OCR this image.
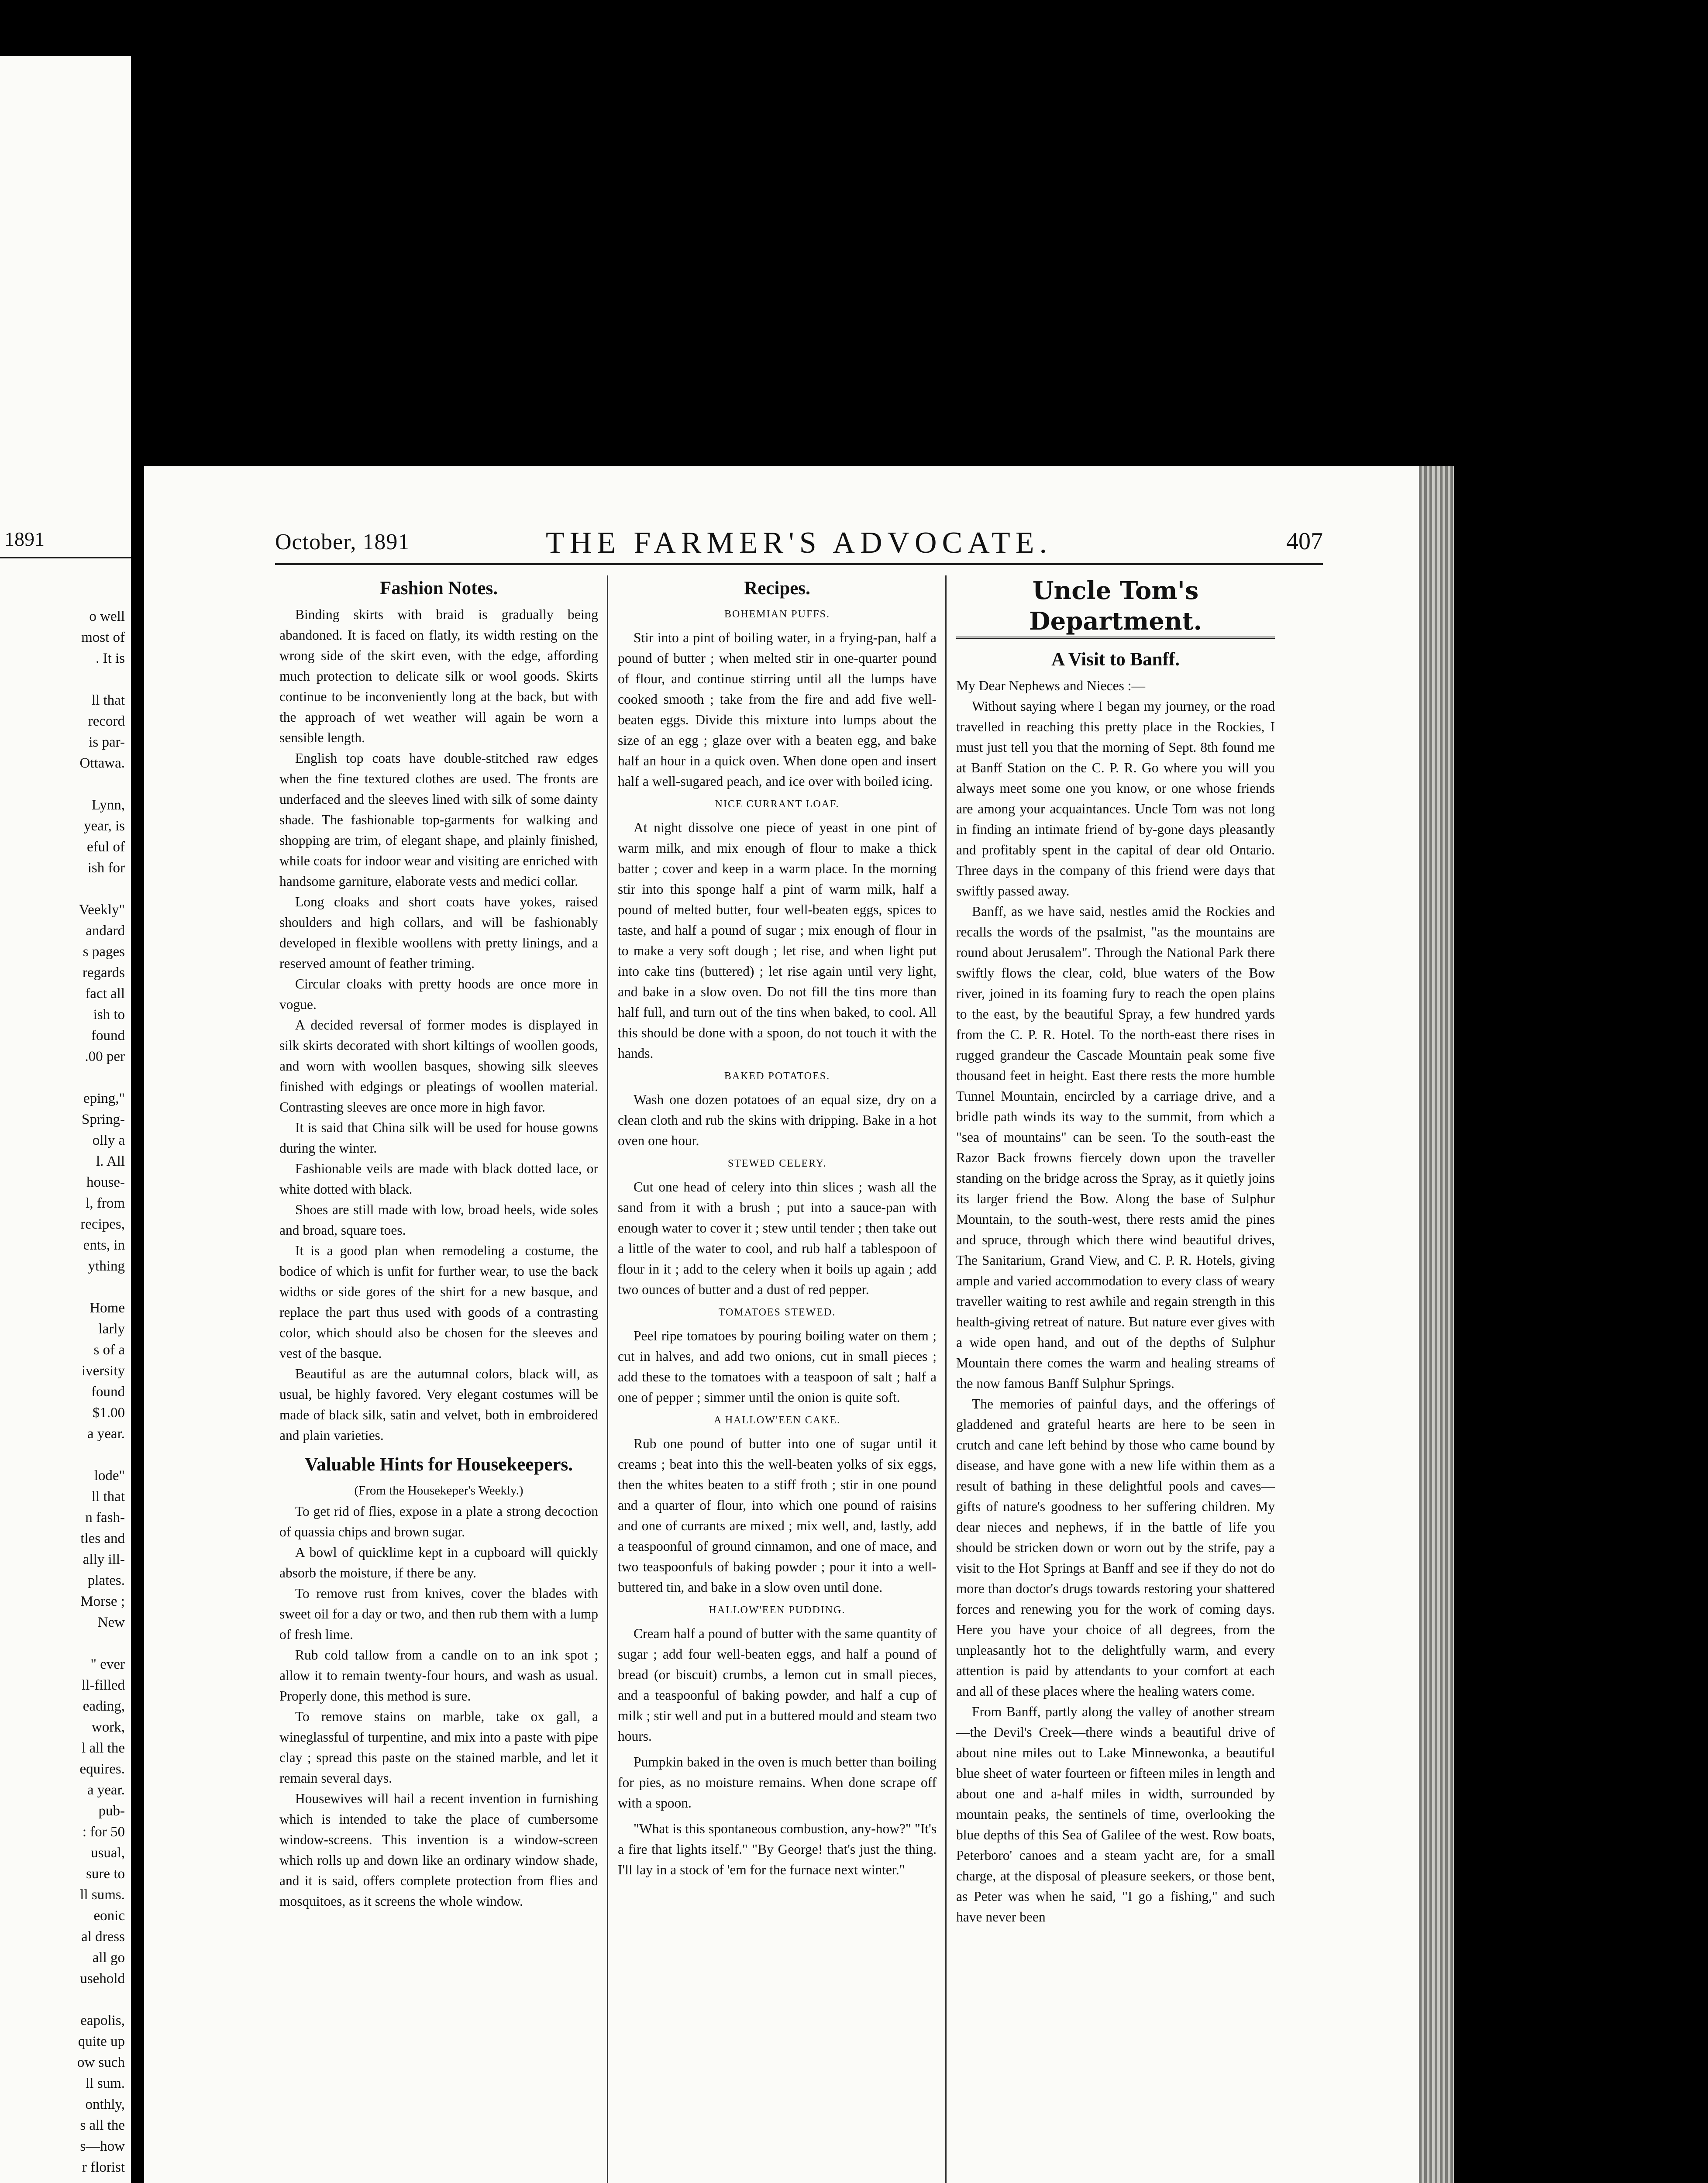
1891
o well
most of
. It is
ll that
record
is par-
Ottawa.
Lynn,
year, is
eful of
ish for
Veekly"
andard
s pages
regards
fact all
ish to
found
.00 per
eping,"
Spring-
olly a
l. All
house-
l, from
recipes,
ents, in
ything
Home
larly
s of a
iversity
found
$1.00
a year.
lode"
ll that
n fash-
tles and
ally ill-
plates.
Morse ;
New
" ever
ll-filled
eading,
work,
l all the
equires.
a year.
pub-
: for 50
usual,
sure to
ll sums.
eonic
al dress
all go
usehold
eapolis,
quite up
ow such
ll sum.
onthly,
s all the
s—how
r florist
October, 1891	THE FARMER'S ADVOCATE.	407
Fashion Notes.

Binding skirts with braid is gradually being abandoned. It is faced on flatly, its width resting on the wrong side of the skirt even, with the edge, affording much protection to delicate silk or wool goods. Skirts continue to be inconveniently long at the back, but with the approach of wet weather will again be worn a sensible length.

English top coats have double-stitched raw edges when the fine textured clothes are used. The fronts are underfaced and the sleeves lined with silk of some dainty shade. The fashionable top-garments for walking and shopping are trim, of elegant shape, and plainly finished, while coats for indoor wear and visiting are enriched with handsome garniture, elaborate vests and medici collar.

Long cloaks and short coats have yokes, raised shoulders and high collars, and will be fashionably developed in flexible woollens with pretty linings, and a reserved amount of feather triming.

Circular cloaks with pretty hoods are once more in vogue.

A decided reversal of former modes is displayed in silk skirts decorated with short kiltings of woollen goods, and worn with woollen basques, showing silk sleeves finished with edgings or pleatings of woollen material. Contrasting sleeves are once more in high favor.

It is said that China silk will be used for house gowns during the winter.

Fashionable veils are made with black dotted lace, or white dotted with black.

Shoes are still made with low, broad heels, wide soles and broad, square toes.

It is a good plan when remodeling a costume, the bodice of which is unfit for further wear, to use the back widths or side gores of the shirt for a new basque, and replace the part thus used with goods of a contrasting color, which should also be chosen for the sleeves and vest of the basque.

Beautiful as are the autumnal colors, black will, as usual, be highly favored. Very elegant costumes will be made of black silk, satin and velvet, both in embroidered and plain varieties.

Valuable Hints for Housekeepers.
(From the Housekeper's Weekly.)

To get rid of flies, expose in a plate a strong decoction of quassia chips and brown sugar.

A bowl of quicklime kept in a cupboard will quickly absorb the moisture, if there be any.

To remove rust from knives, cover the blades with sweet oil for a day or two, and then rub them with a lump of fresh lime.

Rub cold tallow from a candle on to an ink spot ; allow it to remain twenty-four hours, and wash as usual. Properly done, this method is sure.

To remove stains on marble, take ox gall, a wineglassful of turpentine, and mix into a paste with pipe clay ; spread this paste on the stained marble, and let it remain several days.

Housewives will hail a recent invention in furnishing which is intended to take the place of cumbersome window-screens. This invention is a window-screen which rolls up and down like an ordinary window shade, and it is said, offers complete protection from flies and mosquitoes, as it screens the whole window.

Recipes.
BOHEMIAN PUFFS.

Stir into a pint of boiling water, in a frying-pan, half a pound of butter ; when melted stir in one-quarter pound of flour, and continue stirring until all the lumps have cooked smooth ; take from the fire and add five well-beaten eggs. Divide this mixture into lumps about the size of an egg ; glaze over with a beaten egg, and bake half an hour in a quick oven. When done open and insert half a well-sugared peach, and ice over with boiled icing.

NICE CURRANT LOAF.

At night dissolve one piece of yeast in one pint of warm milk, and mix enough of flour to make a thick batter ; cover and keep in a warm place. In the morning stir into this sponge half a pint of warm milk, half a pound of melted butter, four well-beaten eggs, spices to taste, and half a pound of sugar ; mix enough of flour in to make a very soft dough ; let rise, and when light put into cake tins (buttered) ; let rise again until very light, and bake in a slow oven. Do not fill the tins more than half full, and turn out of the tins when baked, to cool. All this should be done with a spoon, do not touch it with the hands.

BAKED POTATOES.

Wash one dozen potatoes of an equal size, dry on a clean cloth and rub the skins with dripping. Bake in a hot oven one hour.

STEWED CELERY.

Cut one head of celery into thin slices ; wash all the sand from it with a brush ; put into a sauce-pan with enough water to cover it ; stew until tender ; then take out a little of the water to cool, and rub half a tablespoon of flour in it ; add to the celery when it boils up again ; add two ounces of butter and a dust of red pepper.

TOMATOES STEWED.

Peel ripe tomatoes by pouring boiling water on them ; cut in halves, and add two onions, cut in small pieces ; add these to the tomatoes with a teaspoon of salt ; half a one of pepper ; simmer until the onion is quite soft.

A HALLOW'EEN CAKE.

Rub one pound of butter into one of sugar until it creams ; beat into this the well-beaten yolks of six eggs, then the whites beaten to a stiff froth ; stir in one pound and a quarter of flour, into which one pound of raisins and one of currants are mixed ; mix well, and, lastly, add a teaspoonful of ground cinnamon, and one of mace, and two teaspoonfuls of baking powder ; pour it into a well-buttered tin, and bake in a slow oven until done.

HALLOW'EEN PUDDING.

Cream half a pound of butter with the same quantity of sugar ; add four well-beaten eggs, and half a pound of bread (or biscuit) crumbs, a lemon cut in small pieces, and a teaspoonful of baking powder, and half a cup of milk ; stir well and put in a buttered mould and steam two hours.

Pumpkin baked in the oven is much better than boiling for pies, as no moisture remains. When done scrape off with a spoon.

"What is this spontaneous combustion, any-how?" "It's a fire that lights itself." "By George! that's just the thing. I'll lay in a stock of 'em for the furnace next winter."

Uncle Tom's Department.
A Visit to Banff.

My Dear Nephews and Nieces :—

Without saying where I began my journey, or the road travelled in reaching this pretty place in the Rockies, I must just tell you that the morning of Sept. 8th found me at Banff Station on the C. P. R. Go where you will you always meet some one you know, or one whose friends are among your acquaintances. Uncle Tom was not long in finding an intimate friend of by-gone days pleasantly and profitably spent in the capital of dear old Ontario. Three days in the company of this friend were days that swiftly passed away.

Banff, as we have said, nestles amid the Rockies and recalls the words of the psalmist, "as the mountains are round about Jerusalem". Through the National Park there swiftly flows the clear, cold, blue waters of the Bow river, joined in its foaming fury to reach the open plains to the east, by the beautiful Spray, a few hundred yards from the C. P. R. Hotel. To the north-east there rises in rugged grandeur the Cascade Mountain peak some five thousand feet in height. East there rests the more humble Tunnel Mountain, encircled by a carriage drive, and a bridle path winds its way to the summit, from which a "sea of mountains" can be seen. To the south-east the Razor Back frowns fiercely down upon the traveller standing on the bridge across the Spray, as it quietly joins its larger friend the Bow. Along the base of Sulphur Mountain, to the south-west, there rests amid the pines and spruce, through which there wind beautiful drives, The Sanitarium, Grand View, and C. P. R. Hotels, giving ample and varied accommodation to every class of weary traveller waiting to rest awhile and regain strength in this health-giving retreat of nature. But nature ever gives with a wide open hand, and out of the depths of Sulphur Mountain there comes the warm and healing streams of the now famous Banff Sulphur Springs.

The memories of painful days, and the offerings of gladdened and grateful hearts are here to be seen in crutch and cane left behind by those who came bound by disease, and have gone with a new life within them as a result of bathing in these delightful pools and caves—gifts of nature's goodness to her suffering children. My dear nieces and nephews, if in the battle of life you should be stricken down or worn out by the strife, pay a visit to the Hot Springs at Banff and see if they do not do more than doctor's drugs towards restoring your shattered forces and renewing you for the work of coming days. Here you have your choice of all degrees, from the unpleasantly hot to the delightfully warm, and every attention is paid by attendants to your comfort at each and all of these places where the healing waters come.

From Banff, partly along the valley of another stream—the Devil's Creek—there winds a beautiful drive of about nine miles out to Lake Minnewonka, a beautiful blue sheet of water fourteen or fifteen miles in length and about one and a-half miles in width, surrounded by mountain peaks, the sentinels of time, overlooking the blue depths of this Sea of Galilee of the west. Row boats, Peterboro' canoes and a steam yacht are, for a small charge, at the disposal of pleasure seekers, or those bent, as Peter was when he said, "I go a fishing," and such have never been
